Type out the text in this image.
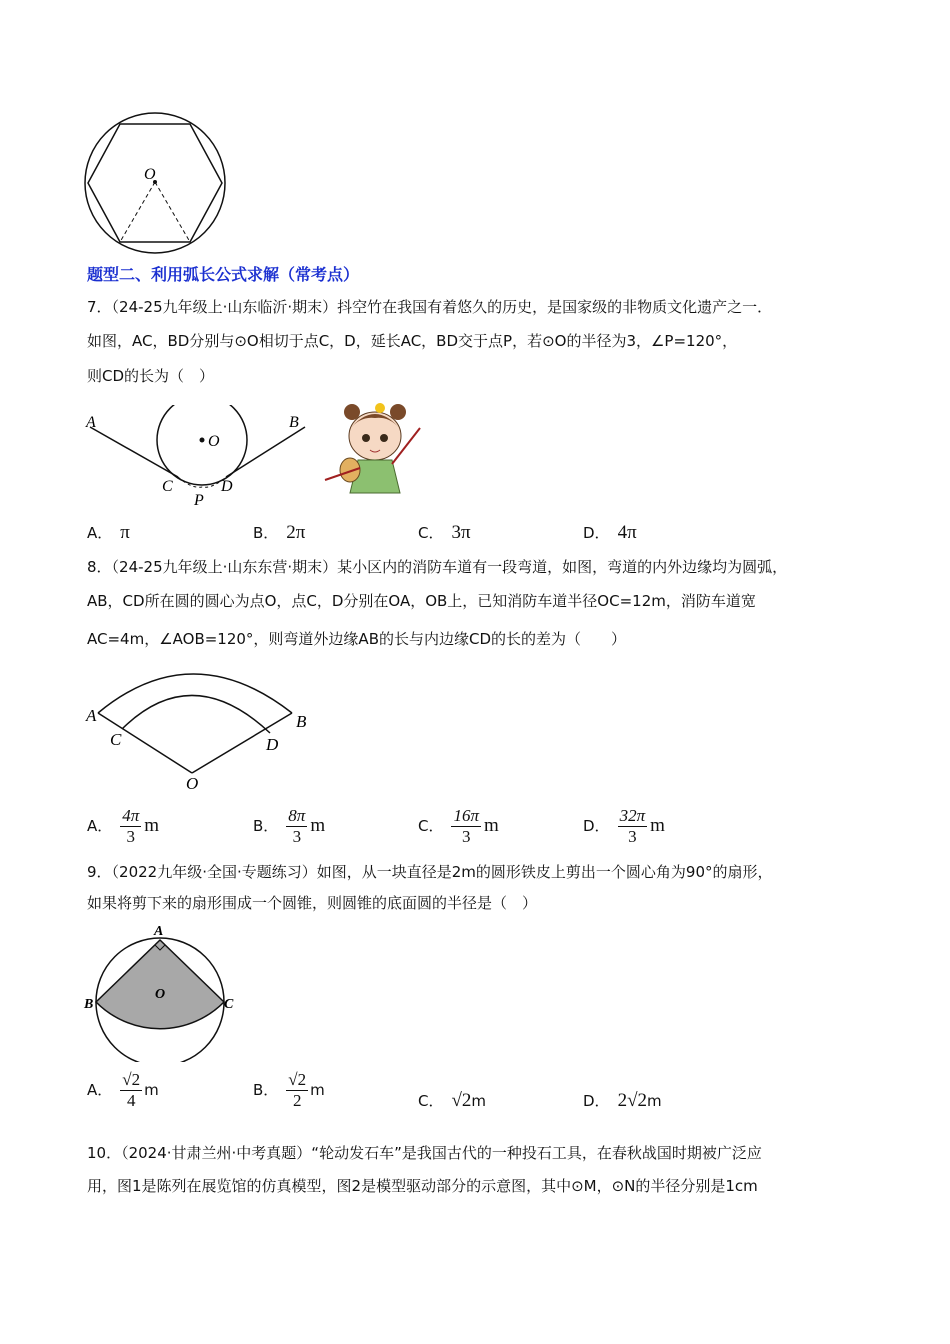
O
题型二、利用弧长公式求解（常考点）
7．（24-25九年级上·山东临沂·期末）抖空竹在我国有着悠久的历史，是国家级的非物质文化遗产之一．
如图，AC，BD分别与⊙O相切于点C，D，延长AC，BD交于点P，若⊙O的半径为3，∠P=120°，
则CD的长为（　）
A	B
O
C	D
P
A． π	B． 2π	C． 3π	D． 4π
8．（24-25九年级上·山东东营·期末）某小区内的消防车道有一段弯道，如图，弯道的内外边缘均为圆弧，
AB，CD所在圆的圆心为点O，点C，D分别在OA，OB上，已知消防车道半径OC=12m，消防车道宽
AC=4m，∠AOB=120°，则弯道外边缘AB的长与内边缘CD的长的差为（　　）
A	B
C	D
O
A． $\frac{4\pi}{3}$ m	B． $\frac{8\pi}{3}$ m	C． $\frac{16\pi}{3}$ m	D． $\frac{32\pi}{3}$ m
9．（2022九年级·全国·专题练习）如图，从一块直径是2m的圆形铁皮上剪出一个圆心角为90°的扇形，
如果将剪下来的扇形围成一个圆锥，则圆锥的底面圆的半径是（　）
A
B	C
O
A． $\frac{√2}{4}$ m	B． $\frac{√2}{2}$ m
C． √2m	D． 2√2m
10．（2024·甘肃兰州·中考真题）“轮动发石车”是我国古代的一种投石工具，在春秋战国时期被广泛应
用，图1是陈列在展览馆的仿真模型，图2是模型驱动部分的示意图，其中⊙M，⊙N的半径分别是1cm
